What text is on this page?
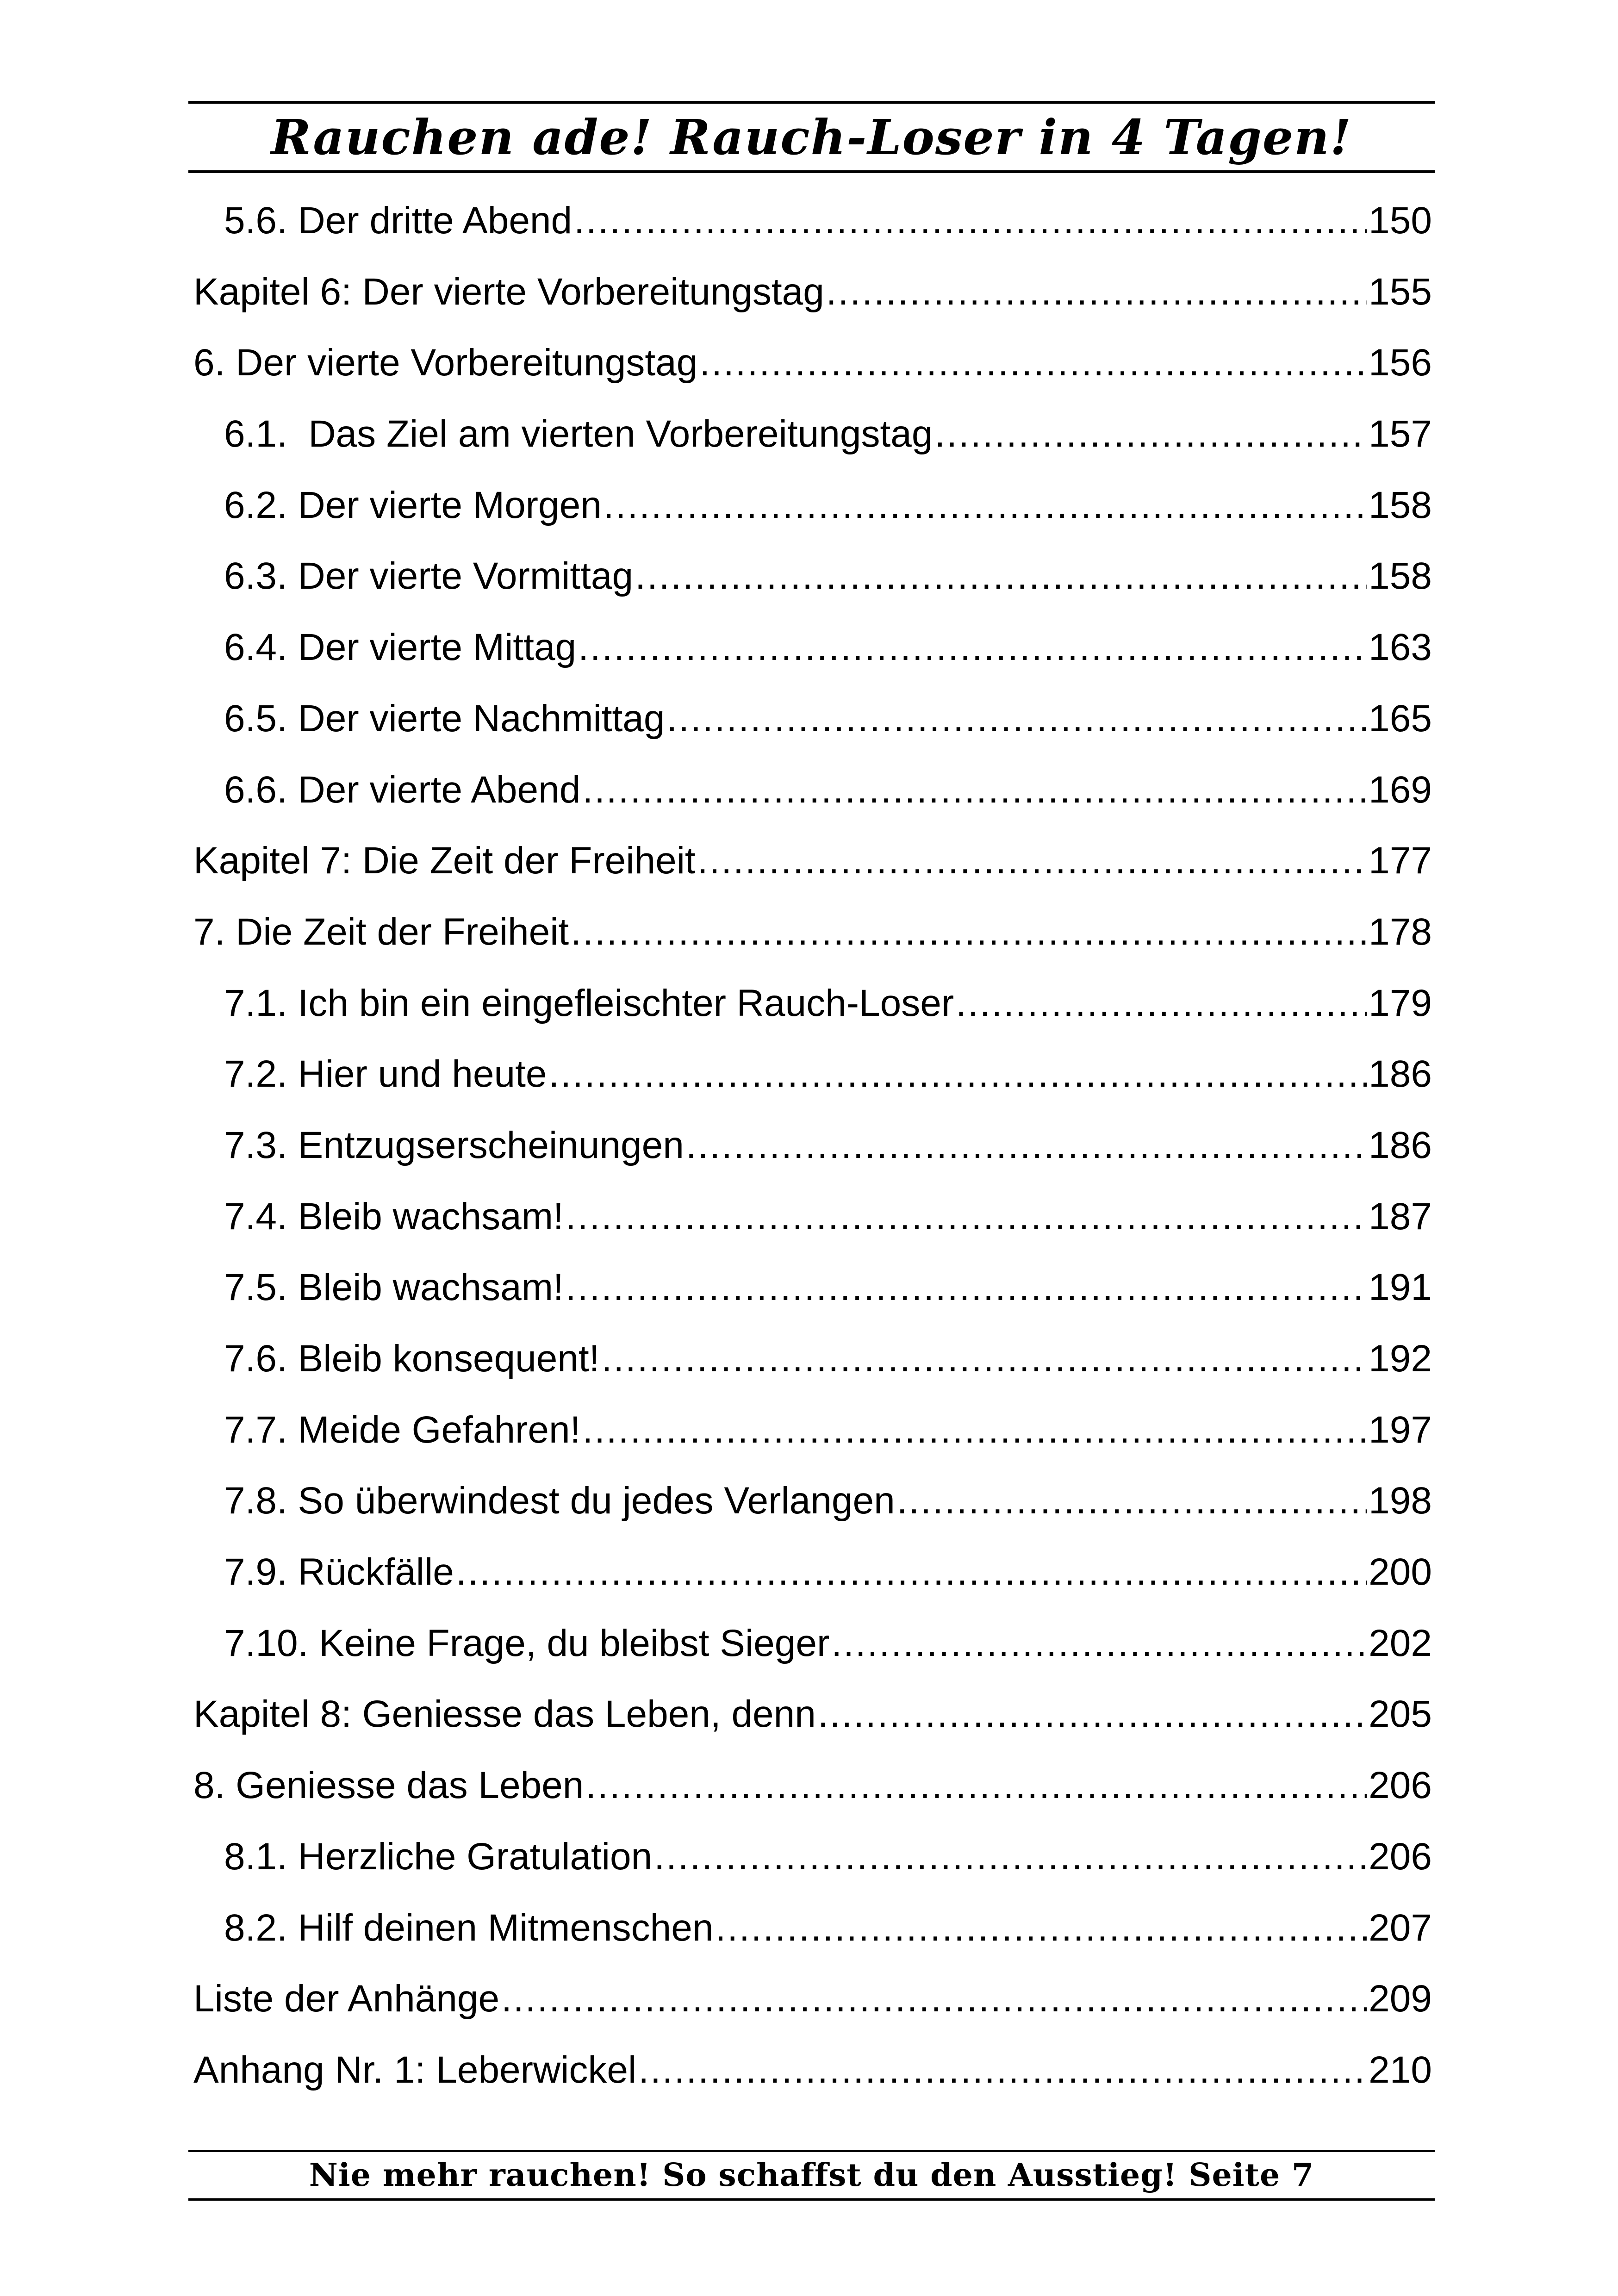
Rauchen ade! Rauch-Loser in 4 Tagen!
5.6. Der dritte Abend .....	150
Kapitel 6: Der vierte Vorbereitungstag .....	155
6. Der vierte Vorbereitungstag .....	156
6.1.  Das Ziel am vierten Vorbereitungstag .....	157
6.2. Der vierte Morgen .....	158
6.3. Der vierte Vormittag .....	158
6.4. Der vierte Mittag .....	163
6.5. Der vierte Nachmittag .....	165
6.6. Der vierte Abend .....	169
Kapitel 7: Die Zeit der Freiheit .....	177
7. Die Zeit der Freiheit .....	178
7.1. Ich bin ein eingefleischter Rauch-Loser .....	179
7.2. Hier und heute .....	186
7.3. Entzugserscheinungen .....	186
7.4. Bleib wachsam! .....	187
7.5. Bleib wachsam! .....	191
7.6. Bleib konsequent! .....	192
7.7. Meide Gefahren! .....	197
7.8. So überwindest du jedes Verlangen .....	198
7.9. Rückfälle .....	200
7.10. Keine Frage, du bleibst Sieger .....	202
Kapitel 8: Geniesse das Leben, denn .....	205
8. Geniesse das Leben .....	206
8.1. Herzliche Gratulation .....	206
8.2. Hilf deinen Mitmenschen .....	207
Liste der Anhänge .....	209
Anhang Nr. 1: Leberwickel .....	210
Nie mehr rauchen! So schaffst du den Ausstieg! Seite 7
